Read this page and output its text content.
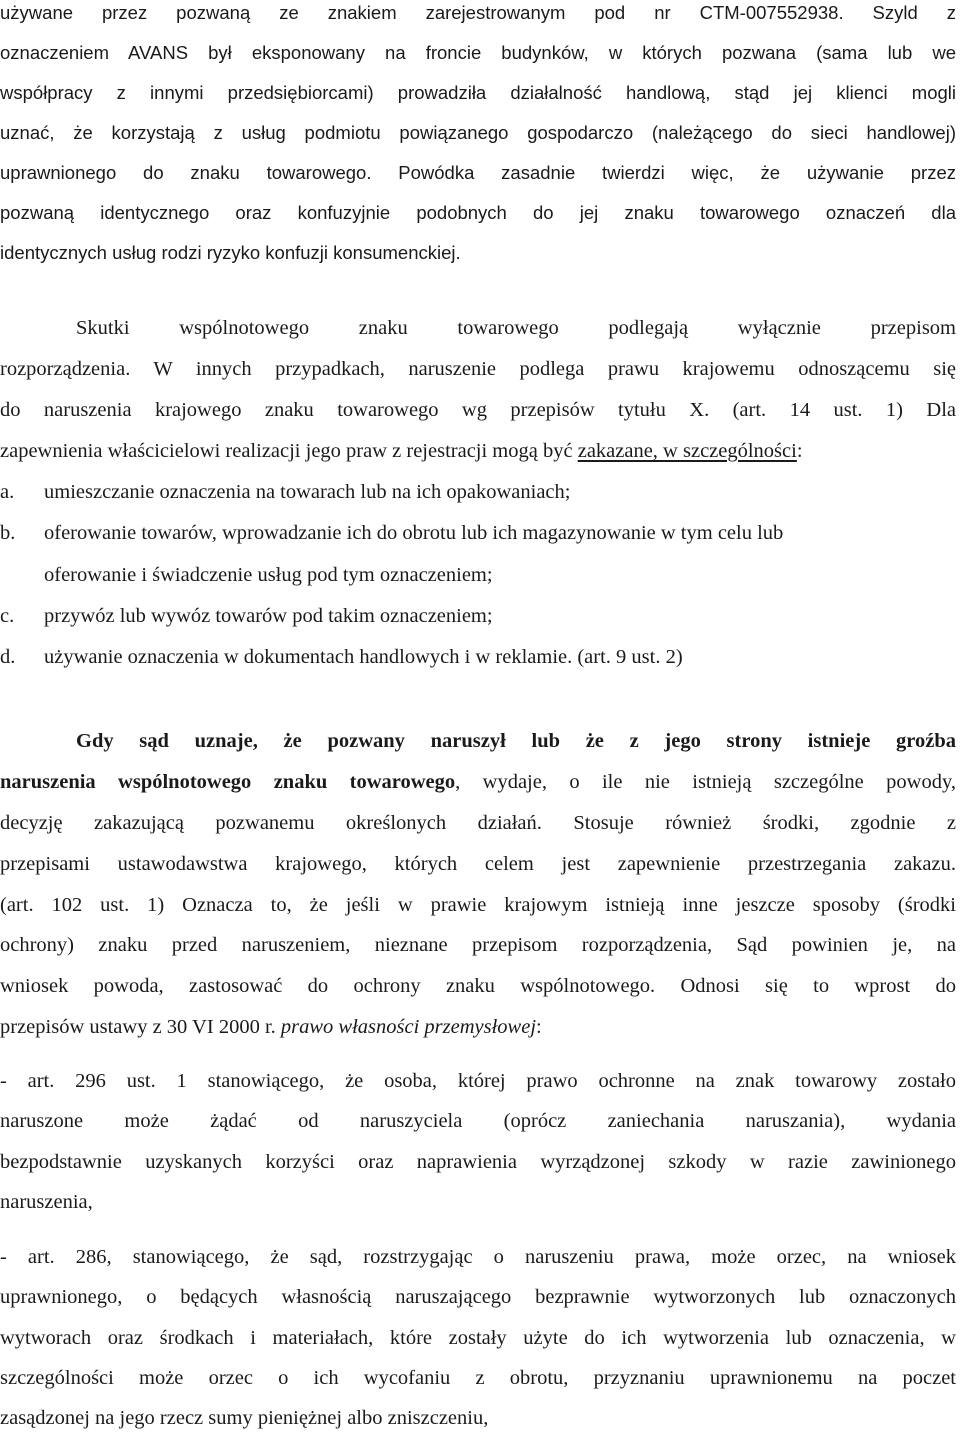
używane przez pozwaną ze znakiem zarejestrowanym pod nr CTM-007552938. Szyld z
oznaczeniem AVANS był eksponowany na froncie budynków, w których pozwana (sama lub we
współpracy z innymi przedsiębiorcami) prowadziła działalność handlową, stąd jej klienci mogli
uznać, że korzystają z usług podmiotu powiązanego gospodarczo (należącego do sieci handlowej)
uprawnionego do znaku towarowego. Powódka zasadnie twierdzi więc, że używanie przez
pozwaną identycznego oraz konfuzyjnie podobnych do jej znaku towarowego oznaczeń dla
identycznych usług rodzi ryzyko konfuzji konsumenckiej.
Skutki wspólnotowego znaku towarowego podlegają wyłącznie przepisom
rozporządzenia. W innych przypadkach, naruszenie podlega prawu krajowemu odnoszącemu się
do naruszenia krajowego znaku towarowego wg przepisów tytułu X. (art. 14 ust. 1) Dla
zapewnienia właścicielowi realizacji jego praw z rejestracji mogą być zakazane, w szczególności:
a. umieszczanie oznaczenia na towarach lub na ich opakowaniach;
b. oferowanie towarów, wprowadzanie ich do obrotu lub ich magazynowanie w tym celu lub
oferowanie i świadczenie usług pod tym oznaczeniem;
c. przywóz lub wywóz towarów pod takim oznaczeniem;
d. używanie oznaczenia w dokumentach handlowych i w reklamie. (art. 9 ust. 2)
Gdy sąd uznaje, że pozwany naruszył lub że z jego strony istnieje groźba
naruszenia wspólnotowego znaku towarowego, wydaje, o ile nie istnieją szczególne powody,
decyzję zakazującą pozwanemu określonych działań. Stosuje również środki, zgodnie z
przepisami ustawodawstwa krajowego, których celem jest zapewnienie przestrzegania zakazu.
(art. 102 ust. 1) Oznacza to, że jeśli w prawie krajowym istnieją inne jeszcze sposoby (środki
ochrony) znaku przed naruszeniem, nieznane przepisom rozporządzenia, Sąd powinien je, na
wniosek powoda, zastosować do ochrony znaku wspólnotowego. Odnosi się to wprost do
przepisów ustawy z 30 VI 2000 r. prawo własności przemysłowej:
- art. 296 ust. 1 stanowiącego, że osoba, której prawo ochronne na znak towarowy zostało
naruszone może żądać od naruszyciela (oprócz zaniechania naruszania), wydania
bezpodstawnie uzyskanych korzyści oraz naprawienia wyrządzonej szkody w razie zawinionego
naruszenia,
- art. 286, stanowiącego, że sąd, rozstrzygając o naruszeniu prawa, może orzec, na wniosek
uprawnionego, o będących własnością naruszającego bezprawnie wytworzonych lub oznaczonych
wytworach oraz środkach i materiałach, które zostały użyte do ich wytworzenia lub oznaczenia, w
szczególności może orzec o ich wycofaniu z obrotu, przyznaniu uprawnionemu na poczet
zasądzonej na jego rzecz sumy pieniężnej albo zniszczeniu,
